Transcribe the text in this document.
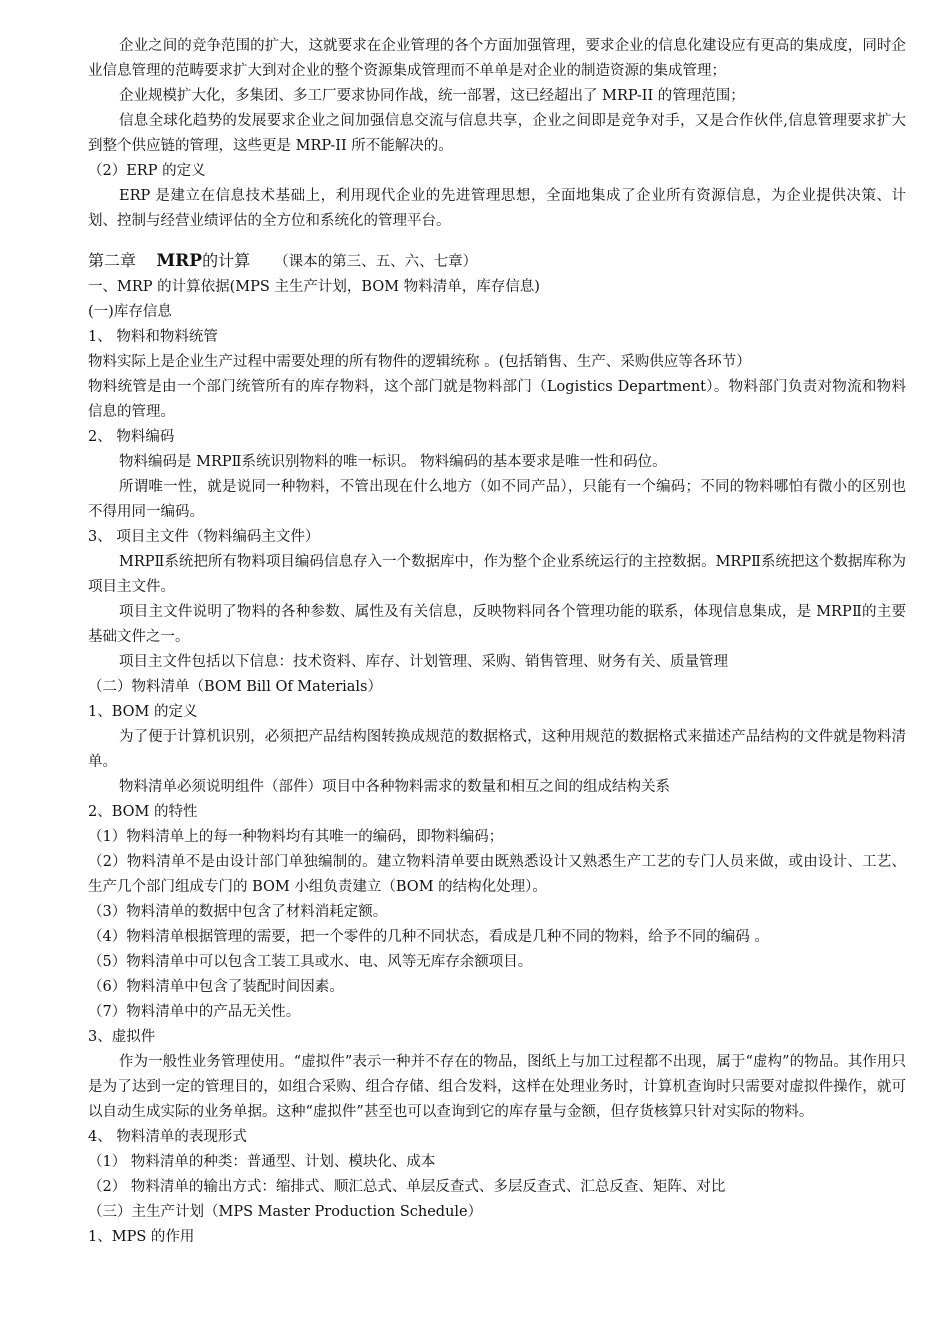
企业之间的竞争范围的扩大，这就要求在企业管理的各个方面加强管理，要求企业的信息化建设应有更高的集成度，同时企业信息管理的范畴要求扩大到对企业的整个资源集成管理而不单单是对企业的制造资源的集成管理；

企业规模扩大化，多集团、多工厂要求协同作战，统一部署，这已经超出了 MRP-II 的管理范围；

信息全球化趋势的发展要求企业之间加强信息交流与信息共享，企业之间即是竞争对手，又是合作伙伴,信息管理要求扩大到整个供应链的管理，这些更是 MRP-II 所不能解决的。

（2）ERP 的定义

ERP 是建立在信息技术基础上，利用现代企业的先进管理思想，全面地集成了企业所有资源信息，为企业提供决策、计划、控制与经营业绩评估的全方位和系统化的管理平台。

第二章 MRP的计算 （课本的第三、五、六、七章）

一、MRP 的计算依据(MPS 主生产计划，BOM 物料清单，库存信息)

(一)库存信息

1、 物料和物料统管

物料实际上是企业生产过程中需要处理的所有物件的逻辑统称 。(包括销售、生产、采购供应等各环节）

物料统管是由一个部门统管所有的库存物料，这个部门就是物料部门（Logistics Department）。物料部门负责对物流和物料信息的管理。

2、 物料编码

物料编码是 MRPⅡ系统识别物料的唯一标识。 物料编码的基本要求是唯一性和码位。

所谓唯一性，就是说同一种物料，不管出现在什么地方（如不同产品），只能有一个编码；不同的物料哪怕有微小的区别也不得用同一编码。

3、 项目主文件（物料编码主文件）

MRPⅡ系统把所有物料项目编码信息存入一个数据库中，作为整个企业系统运行的主控数据。MRPⅡ系统把这个数据库称为项目主文件。

项目主文件说明了物料的各种参数、属性及有关信息，反映物料同各个管理功能的联系，体现信息集成，是 MRPⅡ的主要基础文件之一。

项目主文件包括以下信息：技术资料、库存、计划管理、采购、销售管理、财务有关、质量管理

（二）物料清单（BOM Bill Of Materials）

1、BOM 的定义

为了便于计算机识别，必须把产品结构图转换成规范的数据格式，这种用规范的数据格式来描述产品结构的文件就是物料清单。

物料清单必须说明组件（部件）项目中各种物料需求的数量和相互之间的组成结构关系

2、BOM 的特性

（1）物料清单上的每一种物料均有其唯一的编码，即物料编码；

（2）物料清单不是由设计部门单独编制的。建立物料清单要由既熟悉设计又熟悉生产工艺的专门人员来做，或由设计、工艺、生产几个部门组成专门的 BOM 小组负责建立（BOM 的结构化处理）。

（3）物料清单的数据中包含了材料消耗定额。

（4）物料清单根据管理的需要，把一个零件的几种不同状态，看成是几种不同的物料，给予不同的编码 。

（5）物料清单中可以包含工装工具或水、电、风等无库存余额项目。

（6）物料清单中包含了装配时间因素。

（7）物料清单中的产品无关性。

3、虚拟件

作为一般性业务管理使用。“虚拟件”表示一种并不存在的物品，图纸上与加工过程都不出现，属于“虚构”的物品。其作用只是为了达到一定的管理目的，如组合采购、组合存储、组合发料，这样在处理业务时，计算机查询时只需要对虚拟件操作，就可以自动生成实际的业务单据。这种“虚拟件”甚至也可以查询到它的库存量与金额，但存货核算只针对实际的物料。

4、 物料清单的表现形式

（1） 物料清单的种类：普通型、计划、模块化、成本

（2） 物料清单的输出方式：缩排式、顺汇总式、单层反查式、多层反查式、汇总反查、矩阵、对比

（三）主生产计划（MPS Master Production Schedule）

1、MPS 的作用
